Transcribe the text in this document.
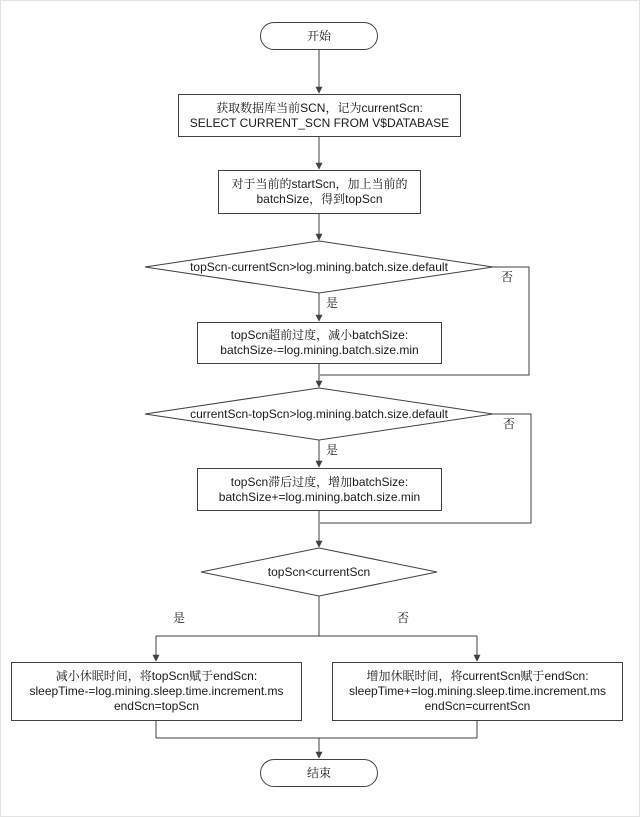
开始
获取数据库当前SCN，记为currentScn:
SELECT CURRENT_SCN FROM V$DATABASE
对于当前的startScn，加上当前的
batchSize，得到topScn
topScn-currentScn>log.mining.batch.size.default
topScn超前过度，减小batchSize:
batchSize-=log.mining.batch.size.min
currentScn-topScn>log.mining.batch.size.default
topScn滞后过度，增加batchSize:
batchSize+=log.mining.batch.size.min
topScn<currentScn
减小休眠时间，将topScn赋于endScn:
sleepTime-=log.mining.sleep.time.increment.ms
endScn=topScn
增加休眠时间，将currentScn赋于endScn:
sleepTime+=log.mining.sleep.time.increment.ms
endScn=currentScn
结束
是
否
是
否
是	否
